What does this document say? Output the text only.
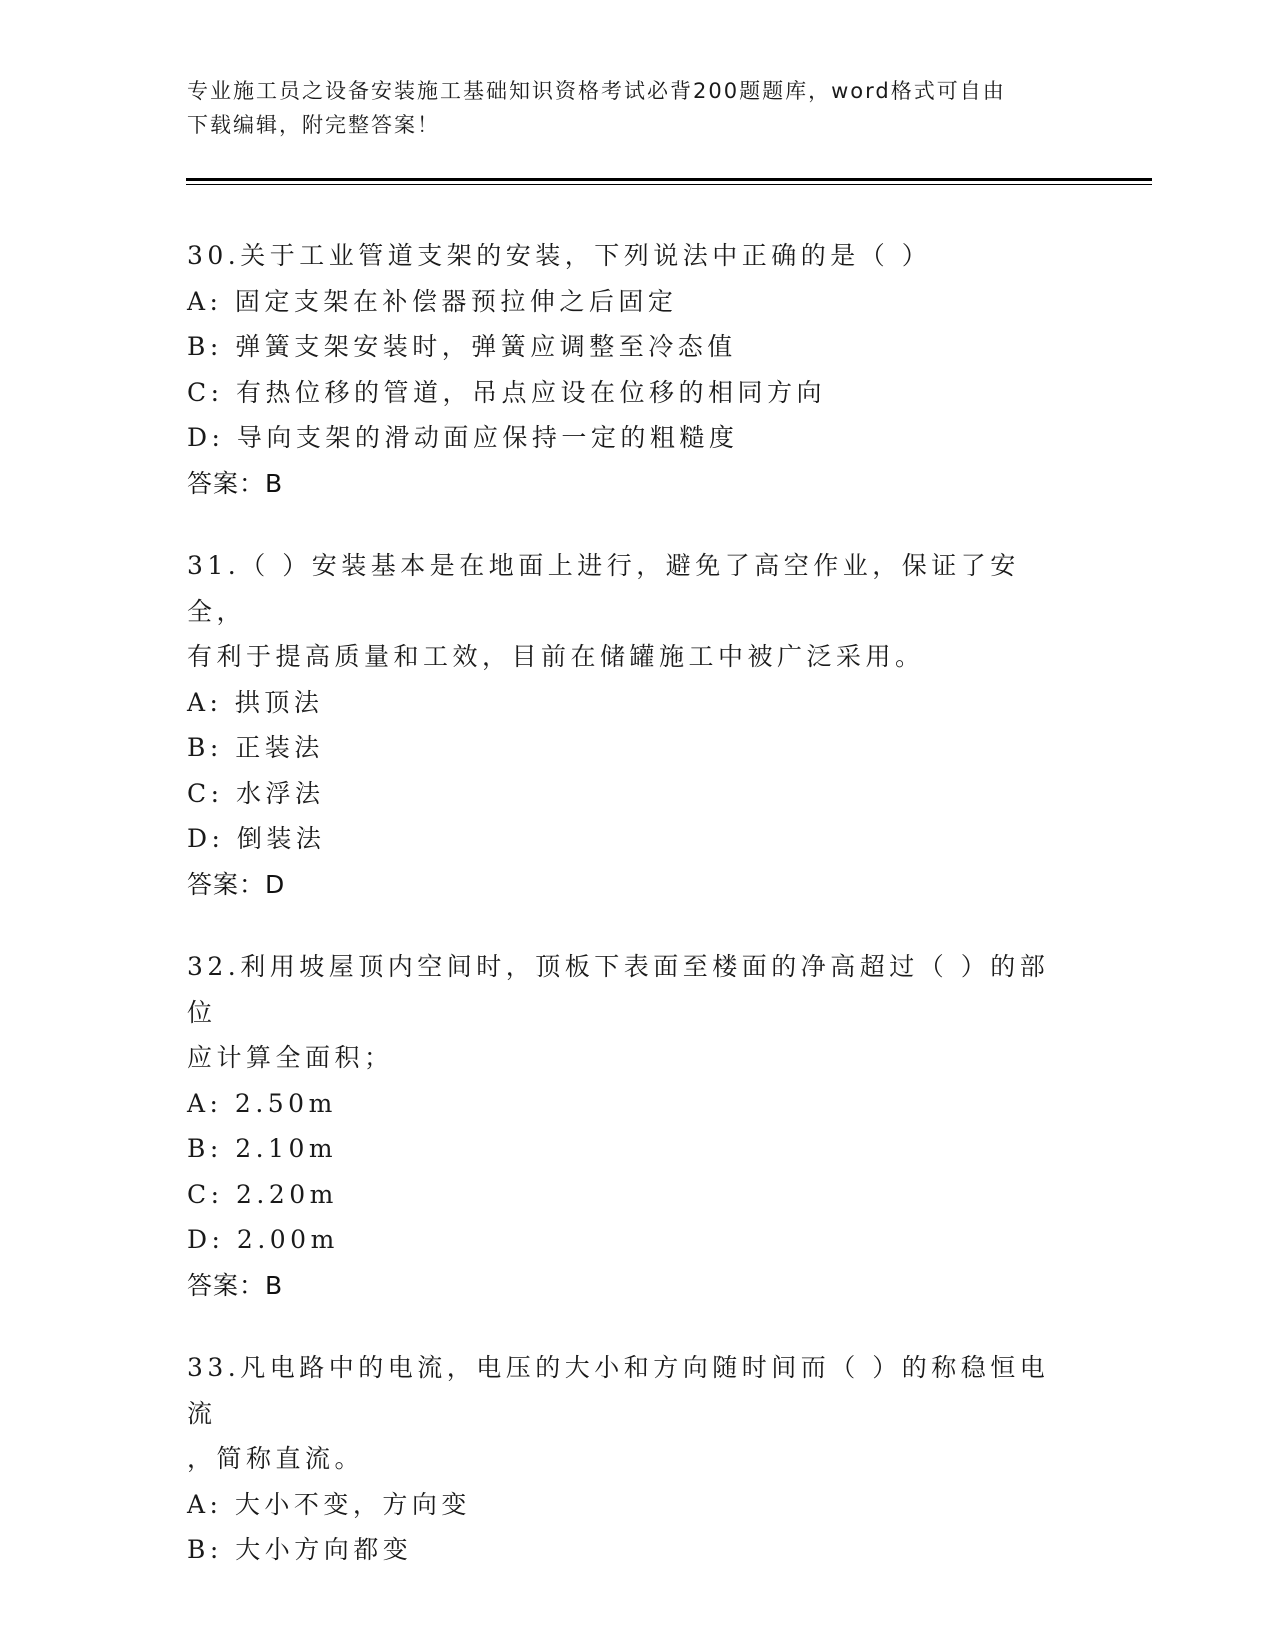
专业施工员之设备安装施工基础知识资格考试必背200题题库，word格式可自由
下载编辑，附完整答案！
30.关于工业管道支架的安装，下列说法中正确的是（ ）
A: 固定支架在补偿器预拉伸之后固定
B: 弹簧支架安装时，弹簧应调整至冷态值
C: 有热位移的管道，吊点应设在位移的相同方向
D: 导向支架的滑动面应保持一定的粗糙度
答案：B
31.（ ）安装基本是在地面上进行，避免了高空作业，保证了安全，
有利于提高质量和工效，目前在储罐施工中被广泛采用。
A: 拱顶法
B: 正装法
C: 水浮法
D: 倒装法
答案：D
32.利用坡屋顶内空间时，顶板下表面至楼面的净高超过（ ）的部位
应计算全面积；
A: 2.50m
B: 2.10m
C: 2.20m
D: 2.00m
答案：B
33.凡电路中的电流，电压的大小和方向随时间而（ ）的称稳恒电流
，简称直流。
A: 大小不变，方向变
B: 大小方向都变
